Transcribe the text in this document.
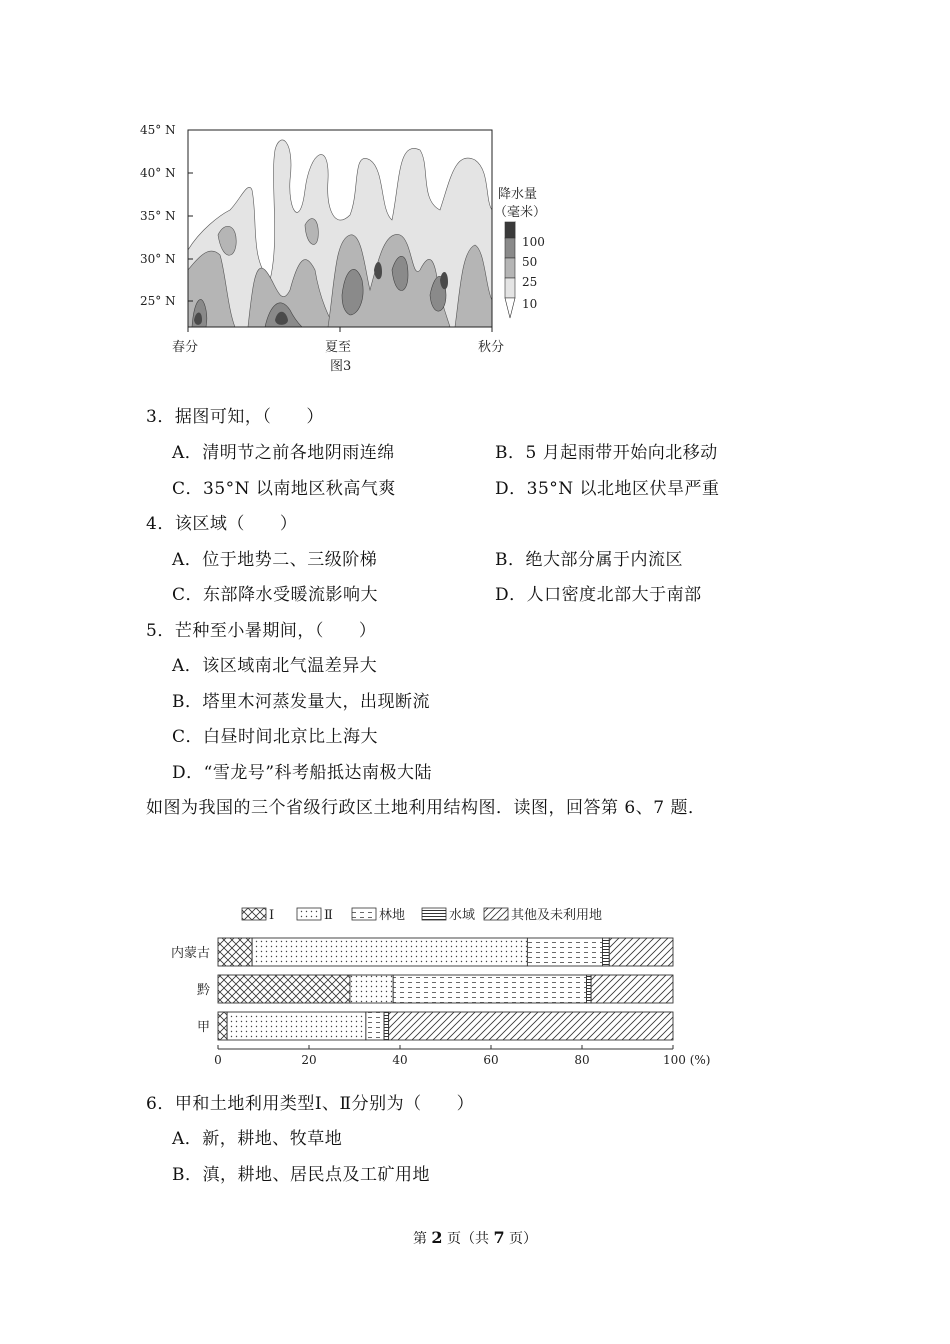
45° N
40° N
35° N
30° N
25° N
春分	夏至	秋分
图3
降水量
（毫米）
100
50
25
10
3．据图可知，（　　）
A．清明节之前各地阴雨连绵	B．5 月起雨带开始向北移动
C．35°N 以南地区秋高气爽	D．35°N 以北地区伏旱严重
4．该区域（　　）
A．位于地势二、三级阶梯	B．绝大部分属于内流区
C．东部降水受暖流影响大	D．人口密度北部大于南部
5．芒种至小暑期间，（　　）
A．该区域南北气温差异大
B．塔里木河蒸发量大，出现断流
C．白昼时间北京比上海大
D．“雪龙号”科考船抵达南极大陆
如图为我国的三个省级行政区土地利用结构图．读图，回答第 6、7 题．
Ⅰ	Ⅱ	林地	水域	其他及未利用地
内蒙古
黔
甲
0	20	40	60	80	100 (%)
6．甲和土地利用类型Ⅰ、Ⅱ分别为（　　）
A．新，耕地、牧草地
B．滇，耕地、居民点及工矿用地
第 2 页（共 7 页）
